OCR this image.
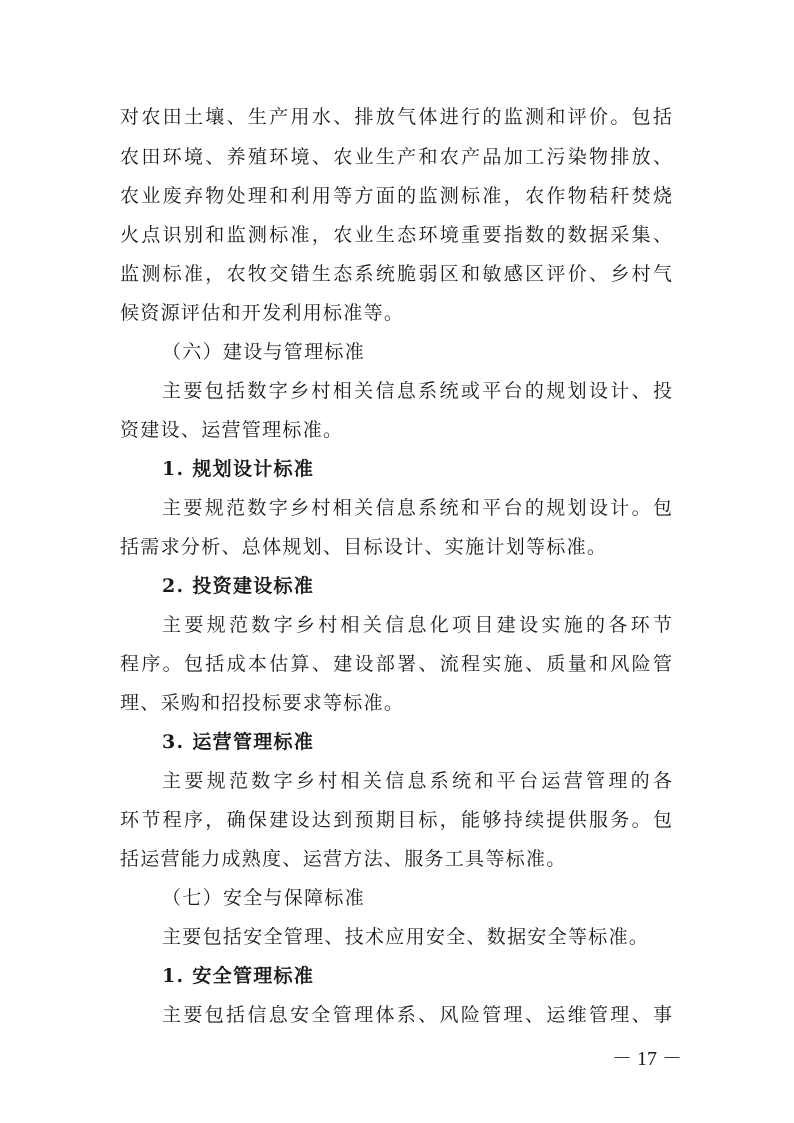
对农田土壤、生产用水、排放气体进行的监测和评价。包括
农田环境、养殖环境、农业生产和农产品加工污染物排放、
农业废弃物处理和利用等方面的监测标准，农作物秸秆焚烧
火点识别和监测标准，农业生态环境重要指数的数据采集、
监测标准，农牧交错生态系统脆弱区和敏感区评价、乡村气
候资源评估和开发利用标准等。
（六）建设与管理标准
主要包括数字乡村相关信息系统或平台的规划设计、投
资建设、运营管理标准。
1. 规划设计标准
主要规范数字乡村相关信息系统和平台的规划设计。包
括需求分析、总体规划、目标设计、实施计划等标准。
2. 投资建设标准
主要规范数字乡村相关信息化项目建设实施的各环节
程序。包括成本估算、建设部署、流程实施、质量和风险管
理、采购和招投标要求等标准。
3. 运营管理标准
主要规范数字乡村相关信息系统和平台运营管理的各
环节程序，确保建设达到预期目标，能够持续提供服务。包
括运营能力成熟度、运营方法、服务工具等标准。
（七）安全与保障标准
主要包括安全管理、技术应用安全、数据安全等标准。
1. 安全管理标准
主要包括信息安全管理体系、风险管理、运维管理、事
－ 17 －
